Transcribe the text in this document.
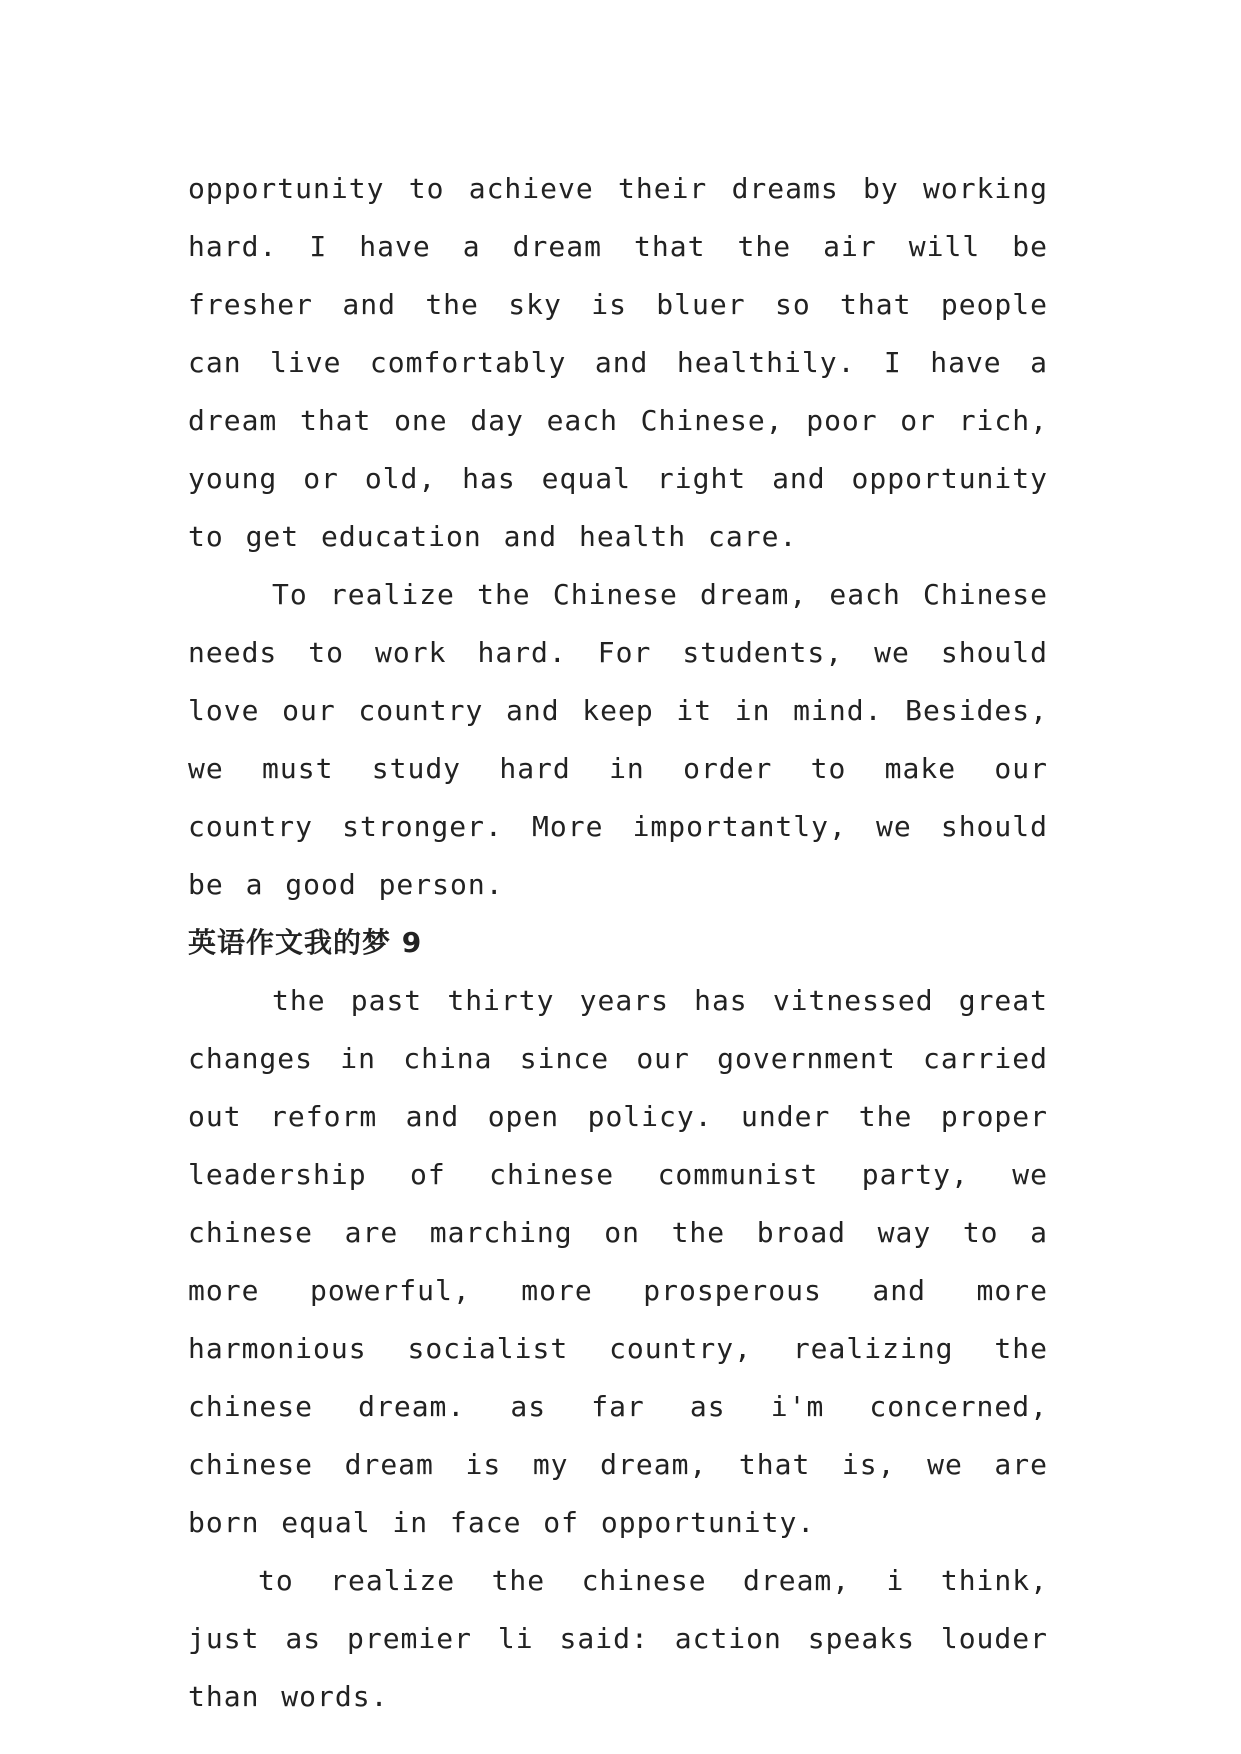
opportunity to achieve their dreams by working hard. I have a dream that the air will be fresher and the sky is bluer so that people can live comfortably and healthily. I have a dream that one day each Chinese, poor or rich, young or old, has equal right and opportunity to get education and health care.

To realize the Chinese dream, each Chinese needs to work hard. For students, we should love our country and keep it in mind. Besides, we must study hard in order to make our country stronger. More importantly, we should be a good person.

英语作文我的梦 9

the past thirty years has vitnessed great changes in china since our government carried out reform and open policy. under the proper leadership of chinese communist party, we chinese are marching on the broad way to a more powerful, more prosperous and more harmonious socialist country, realizing the chinese dream. as far as i'm concerned, chinese dream is my dream, that is, we are born equal in face of opportunity.

to realize the chinese dream, i think, just as premier li said: action speaks louder than words.
